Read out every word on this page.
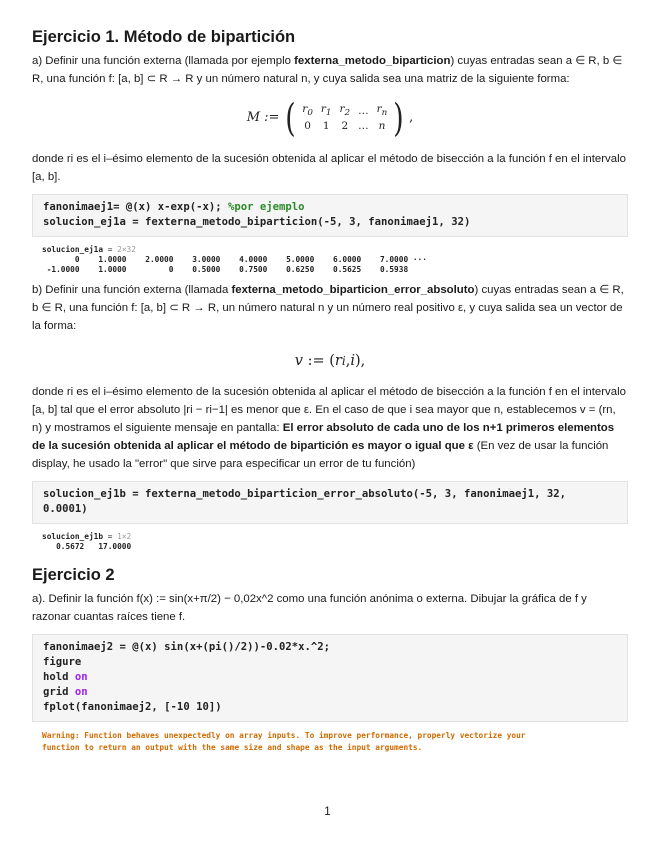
Ejercicio 1. Método de bipartición

a) Definir una función externa (llamada por ejemplo fexterna_metodo_biparticion) cuyas entradas sean a ∈ R, b ∈ R, una función f: [a, b] ⊂ R → R y un número natural n, y cuya salida sea una matriz de la siguiente forma:

M := ( $r_0$	$r_1$	$r_2$	…	$r_n$
0	1	2	…	n ) ,

donde ri es el i–ésimo elemento de la sucesión obtenida al aplicar el método de bisección a la función f en el intervalo [a, b].

fanonimaej1= @(x) x-exp(-x); %por ejemplo
solucion_ej1a = fexterna_metodo_biparticion(-5, 3, fanonimaej1, 32)
solucion_ej1a = 2×32
0    1.0000    2.0000    3.0000    4.0000    5.0000    6.0000    7.0000 ···
-1.0000    1.0000         0    0.5000    0.7500    0.6250    0.5625    0.5938

b) Definir una función externa (llamada fexterna_metodo_biparticion_error_absoluto) cuyas entradas sean a ∈ R, b ∈ R, una función f: [a, b] ⊂ R → R, un número natural n y un número real positivo ε, y cuya salida sea un vector de la forma:

v
:=
( r i , i ),

donde ri es el i–ésimo elemento de la sucesión obtenida al aplicar el método de bisección a la función f en el intervalo [a, b] tal que el error absoluto |ri − ri−1| es menor que ε. En el caso de que i sea mayor que n, establecemos v = (rn, n) y mostramos el siguiente mensaje en pantalla: El error absoluto de cada uno de los n+1 primeros elementos de la sucesión obtenida al aplicar el método de bipartición es mayor o igual que ε (En vez de usar la función display, he usado la "error" que sirve para especificar un error de tu función)

solucion_ej1b = fexterna_metodo_biparticion_error_absoluto(-5, 3, fanonimaej1, 32,
0.0001)
solucion_ej1b = 1×2
0.5672   17.0000
Ejercicio 2

a). Definir la función f(x) := sin(x+π/2) − 0,02x^2 como una función anónima o externa. Dibujar la gráfica de f y razonar cuantas raíces tiene f.

fanonimaej2 = @(x) sin(x+(pi()/2))-0.02*x.^2;
figure
hold on
grid on
fplot(fanonimaej2, [-10 10])
Warning: Function behaves unexpectedly on array inputs. To improve performance, properly vectorize your
function to return an output with the same size and shape as the input arguments.
1
